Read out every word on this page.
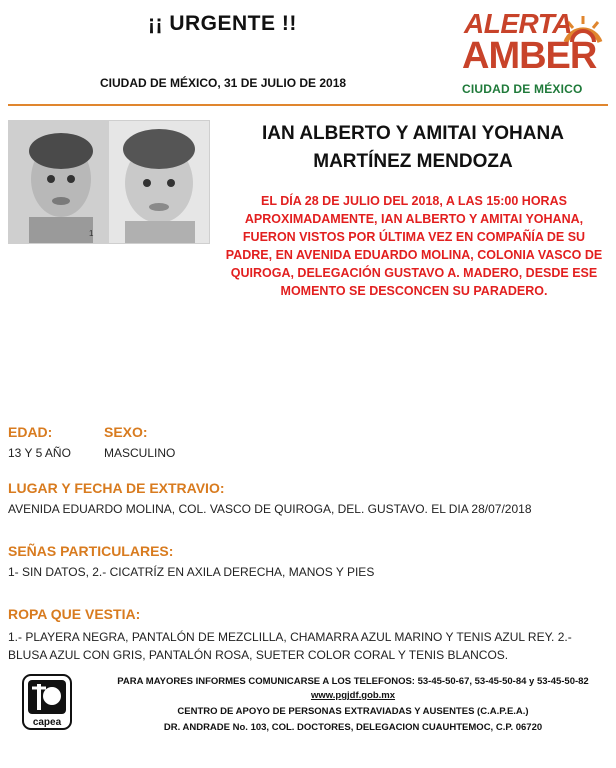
¡¡ URGENTE !!
CIUDAD DE MÉXICO, 31 DE JULIO DE 2018
ALERTA
AMBER
CIUDAD DE MÉXICO
1
IAN ALBERTO Y AMITAI YOHANA
MARTÍNEZ MENDOZA
EL DÍA 28 DE JULIO DEL 2018, A LAS 15:00 HORAS APROXIMADAMENTE, IAN ALBERTO Y AMITAI YOHANA, FUERON VISTOS POR ÚLTIMA VEZ EN COMPAÑÍA DE SU PADRE, EN AVENIDA EDUARDO MOLINA, COLONIA VASCO DE QUIROGA, DELEGACIÓN GUSTAVO A. MADERO, DESDE ESE MOMENTO SE DESCONCEN SU PARADERO.
EDAD:
13 Y 5 AÑO
SEXO:
MASCULINO
LUGAR Y FECHA DE EXTRAVIO:
AVENIDA EDUARDO MOLINA, COL. VASCO DE QUIROGA, DEL. GUSTAVO. EL DIA 28/07/2018
SEÑAS PARTICULARES:
1- SIN DATOS, 2.- CICATRÍZ EN AXILA DERECHA, MANOS Y PIES
ROPA QUE VESTIA:
1.- PLAYERA NEGRA, PANTALÓN DE MEZCLILLA, CHAMARRA AZUL MARINO Y TENIS AZUL REY. 2.- BLUSA AZUL CON GRIS, PANTALÓN ROSA, SUETER COLOR CORAL Y TENIS BLANCOS.
capea
PARA MAYORES INFORMES COMUNICARSE A LOS TELEFONOS: 53-45-50-67, 53-45-50-84 y 53-45-50-82
www.pgjdf.gob.mx
CENTRO DE APOYO DE PERSONAS EXTRAVIADAS Y AUSENTES (C.A.P.E.A.)
DR. ANDRADE No. 103, COL. DOCTORES, DELEGACION CUAUHTEMOC, C.P. 06720
